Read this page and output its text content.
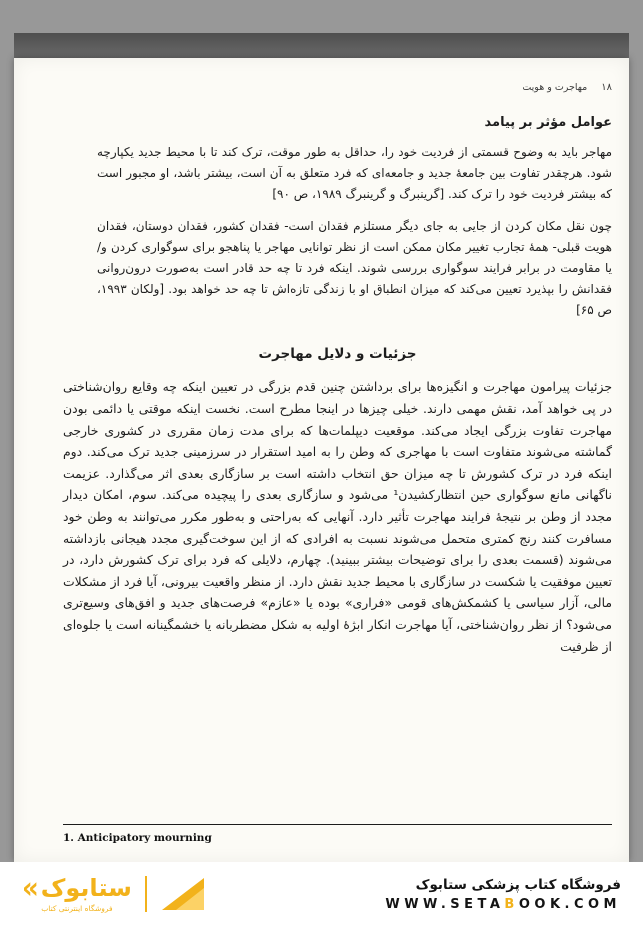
۱۸
مهاجرت و هویت
عوامل مؤثر بر پیامد

مهاجر باید به وضوح قسمتی از فردیت خود را، حداقل به طور موقت، ترک کند تا با محیط جدید یکپارچه شود. هرچقدر تفاوت بین جامعهٔ جدید و جامعه‌ای که فرد متعلق به آن است، بیشتر باشد، او مجبور است که بیشتر فردیت خود را ترک کند. [گرینبرگ و گرینبرگ ۱۹۸۹، ص ۹۰]

چون نقل مکان کردن از جایی به جای دیگر مستلزم فقدان است- فقدان کشور، فقدان دوستان، فقدان هویت قبلی- همهٔ تجارب تغییر مکان ممکن است از نظر توانایی مهاجر یا پناهجو برای سوگواری کردن و/یا مقاومت در برابر فرایند سوگواری بررسی شوند. اینکه فرد تا چه حد قادر است به‌صورت درون‌روانی فقدانش را بپذیرد تعیین می‌کند که میزان انطباق او با زندگی تازه‌اش تا چه حد خواهد بود. [ولکان ۱۹۹۳، ص ۶۵]

جزئیات و دلایل مهاجرت

جزئیات پیرامون مهاجرت و انگیزه‌ها برای برداشتن چنین قدم بزرگی در تعیین اینکه چه وقایع روان‌شناختی در پی خواهد آمد، نقش مهمی دارند. خیلی چیزها در اینجا مطرح است. نخست اینکه موقتی یا دائمی بودن مهاجرت تفاوت بزرگی ایجاد می‌کند. موقعیت دیپلمات‌ها که برای مدت زمان مقرری در کشوری خارجی گماشته می‌شوند متفاوت است با مهاجری که وطن را به امید استقرار در سرزمینی جدید ترک می‌کند. دوم اینکه فرد در ترک کشورش تا چه میزان حق انتخاب داشته است بر سازگاری بعدی اثر می‌گذارد. عزیمت ناگهانی مانع سوگواری حین انتظارکشیدن¹ می‌شود و سازگاری بعدی را پیچیده می‌کند. سوم، امکان دیدار مجدد از وطن بر نتیجهٔ فرایند مهاجرت تأثیر دارد. آنهایی که به‌راحتی و به‌طور مکرر می‌توانند به وطن خود مسافرت کنند رنج کمتری متحمل می‌شوند نسبت به افرادی که از این سوخت‌گیری مجدد هیجانی بازداشته می‌شوند (قسمت بعدی را برای توضیحات بیشتر ببینید). چهارم، دلایلی که فرد برای ترک کشورش دارد، در تعیین موفقیت یا شکست در سازگاری با محیط جدید نقش دارد. از منظر واقعیت بیرونی، آیا فرد از مشکلات مالی، آزار سیاسی یا کشمکش‌های قومی «فراری» بوده یا «عازم» فرصت‌های جدید و افق‌های وسیع‌تری می‌شود؟ از نظر روان‌شناختی، آیا مهاجرت انکار ابژهٔ اولیه به شکل مضطربانه یا خشمگینانه است یا جلوه‌ای از ظرفیت

1. Anticipatory mourning
« ستابوک
فروشگاه اینترنتی کتاب
فروشگاه کتاب پزشکی ستابوک
WWW.SETABOOK.COM
